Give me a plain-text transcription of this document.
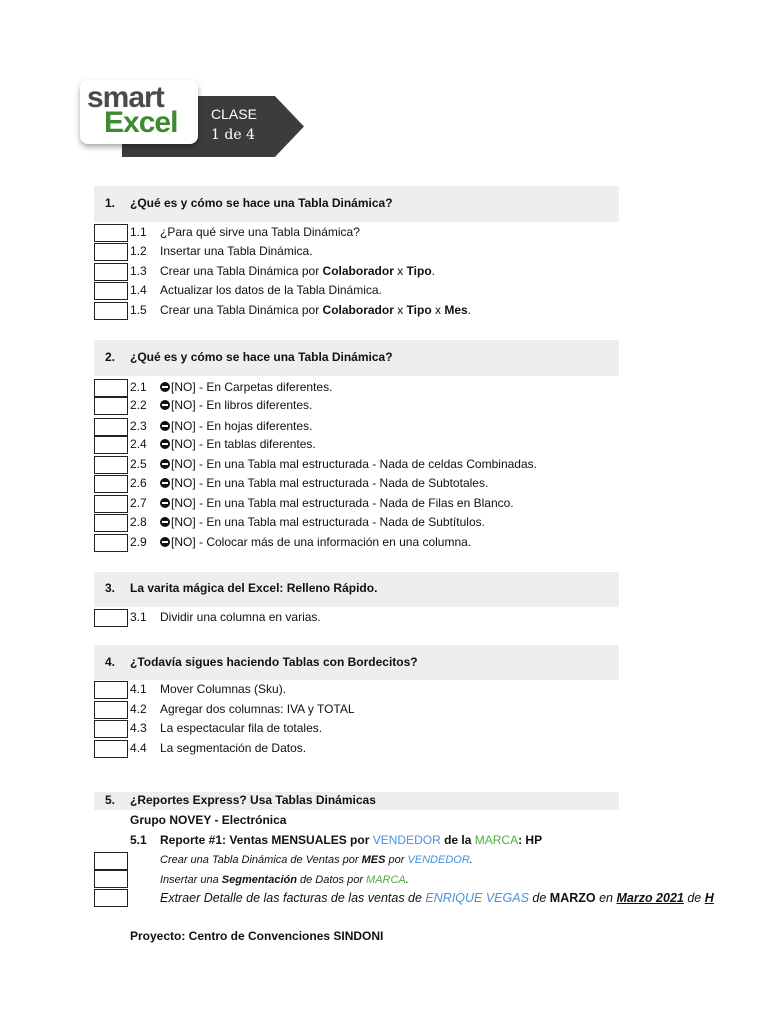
CLASE
1 de 4
smart
Excel
1. ¿Qué es y cómo se hace una Tabla Dinámica?
1.1 ¿Para qué sirve una Tabla Dinámica?
1.2 Insertar una Tabla Dinámica.
1.3 Crear una Tabla Dinámica por Colaborador x Tipo.
1.4 Actualizar los datos de la Tabla Dinámica.
1.5 Crear una Tabla Dinámica por Colaborador x Tipo x Mes.
2. ¿Qué es y cómo se hace una Tabla Dinámica?
2.1	[NO] - En Carpetas diferentes.
2.2	[NO] - En libros diferentes.
2.3	[NO] - En hojas diferentes.
2.4	[NO] - En tablas diferentes.
2.5	[NO] - En una Tabla mal estructurada - Nada de celdas Combinadas.
2.6	[NO] - En una Tabla mal estructurada - Nada de Subtotales.
2.7	[NO] - En una Tabla mal estructurada - Nada de Filas en Blanco.
2.8	[NO] - En una Tabla mal estructurada - Nada de Subtítulos.
2.9	[NO] - Colocar más de una información en una columna.
3. La varita mágica del Excel: Relleno Rápido.
3.1 Dividir una columna en varias.
4. ¿Todavía sigues haciendo Tablas con Bordecitos?
4.1 Mover Columnas (Sku).
4.2 Agregar dos columnas: IVA y TOTAL
4.3 La espectacular fila de totales.
4.4 La segmentación de Datos.
5. ¿Reportes Express? Usa Tablas Dinámicas
Grupo NOVEY - Electrónica
5.1 Reporte #1: Ventas MENSUALES por VENDEDOR de la MARCA: HP
Crear una Tabla Dinámica de Ventas por MES por VENDEDOR.
Insertar una Segmentación de Datos por MARCA.
Extraer Detalle de las facturas de las ventas de ENRIQUE VEGAS de MARZO en Marzo 2021 de H
Proyecto: Centro de Convenciones SINDONI
